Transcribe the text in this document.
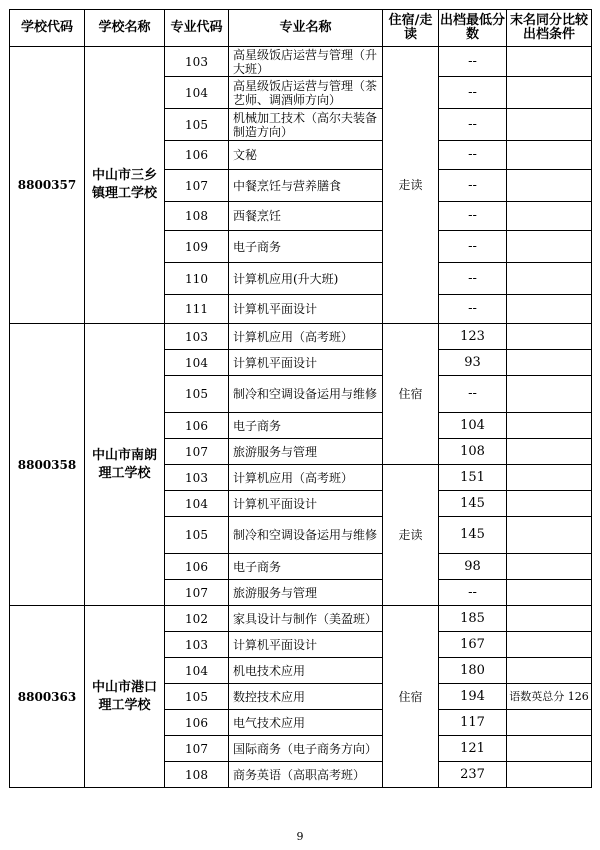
学校代码	学校名称	专业代码	专业名称	住宿/走读	出档最低分数	末名同分比较出档条件
8800357	中山市三乡镇理工学校	103	高星级饭店运营与管理（升大班）	走读	--	
		104	高星级饭店运营与管理（茶艺师、调酒师方向）		--	
		105	机械加工技术（高尔夫装备制造方向）		--	
		106	文秘		--	
		107	中餐烹饪与营养膳食		--	
		108	西餐烹饪		--	
		109	电子商务		--	
		110	计算机应用(升大班)		--	
		111	计算机平面设计		--	
8800358	中山市南朗理工学校	103	计算机应用（高考班）	住宿	123	
		104	计算机平面设计		93	
		105	制冷和空调设备运用与维修		--	
		106	电子商务		104	
		107	旅游服务与管理		108	
		103	计算机应用（高考班）	走读	151	
		104	计算机平面设计		145	
		105	制冷和空调设备运用与维修		145	
		106	电子商务		98	
		107	旅游服务与管理		--	
8800363	中山市港口理工学校	102	家具设计与制作（美盈班）	住宿	185	
		103	计算机平面设计		167	
		104	机电技术应用		180	
		105	数控技术应用		194	语数英总分 126
		106	电气技术应用		117	
		107	国际商务（电子商务方向）		121	
		108	商务英语（高职高考班）		237	
9
